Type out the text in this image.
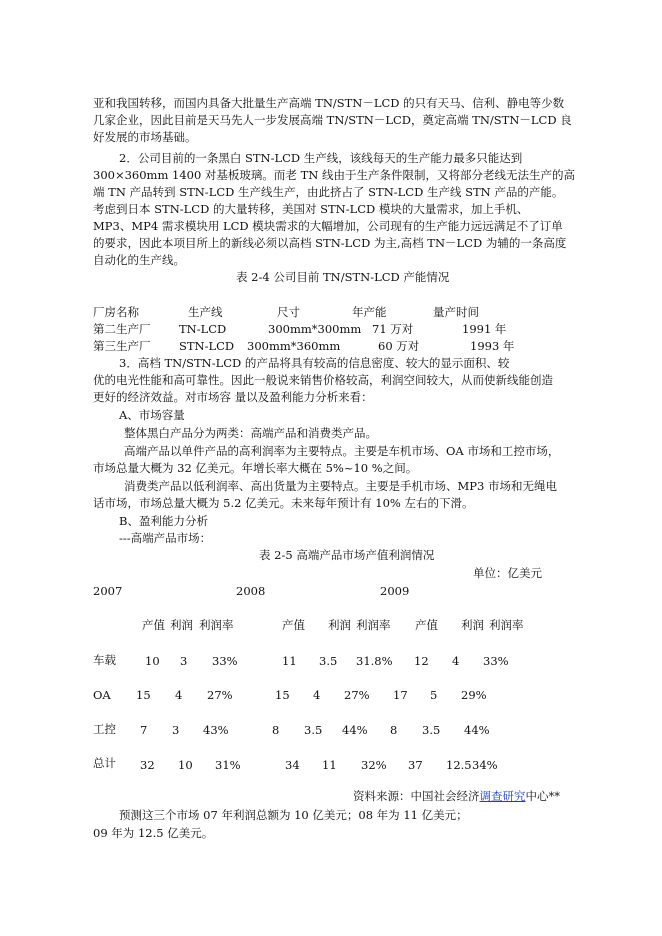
亚和我国转移，而国内具备大批量生产高端 TN/STN－LCD 的只有天马、信利、静电等少数
几家企业，因此目前是天马先人一步发展高端 TN/STN－LCD，奠定高端 TN/STN－LCD 良
好发展的市场基础。
2．公司目前的一条黑白 STN-LCD 生产线，该线每天的生产能力最多只能达到
300×360mm 1400 对基板玻璃。而老 TN 线由于生产条件限制，又将部分老线无法生产的高
端 TN 产品转到 STN-LCD 生产线生产，由此挤占了 STN-LCD 生产线 STN 产品的产能。
考虑到日本 STN-LCD 的大量转移，美国对 STN-LCD 模块的大量需求，加上手机、
MP3、MP4 需求模块用 LCD 模块需求的大幅增加，公司现有的生产能力远远满足不了订单
的要求，因此本项目所上的新线必须以高档 STN-LCD 为主,高档 TN－LCD 为辅的一条高度
自动化的生产线。
表 2-4 公司目前 TN/STN-LCD 产能情况
厂房名称	生产线	尺寸	年产能	量产时间
第二生产厂 TN-LCD	300mm*300mm 71 万对	1991 年
第三生产厂 STN-LCD 300mm*360mm	60 万对	1993 年
3．高档 TN/STN-LCD 的产品将具有较高的信息密度、较大的显示面积、较
优的电光性能和高可靠性。因此一般说来销售价格较高，利润空间较大，从而使新线能创造
更好的经济效益。对市场容 量以及盈利能力分析来看：
A、市场容量
整体黑白产品分为两类：高端产品和消费类产品。
高端产品以单件产品的高利润率为主要特点。主要是车机市场、OA 市场和工控市场，
市场总量大概为 32 亿美元。年增长率大概在 5%~10 %之间。
消费类产品以低利润率、高出货量为主要特点。主要是手机市场、MP3 市场和无绳电
话市场，市场总量大概为 5.2 亿美元。未来每年预计有 10% 左右的下滑。
B、盈利能力分析
---高端产品市场：
表 2-5 高端产品市场产值利润情况
单位：亿美元
2007	2008	2009
产值 利润 利润率	产值 利润 利润率 产值 利润 利润率
车载	10 3 33%	11 3.5 31.8% 12 4 33%
OA 15 4 27%	15 4 27% 17 5 29%
工控 7 3 43%	8 3.5 44% 8 3.5 44%
总计 32 10 31%	34 11 32% 37 12.5 34%
资料来源：中国社会经济调查研究中心**
预测这三个市场 07 年利润总额为 10 亿美元；08 年为 11 亿美元；
09 年为 12.5 亿美元。
